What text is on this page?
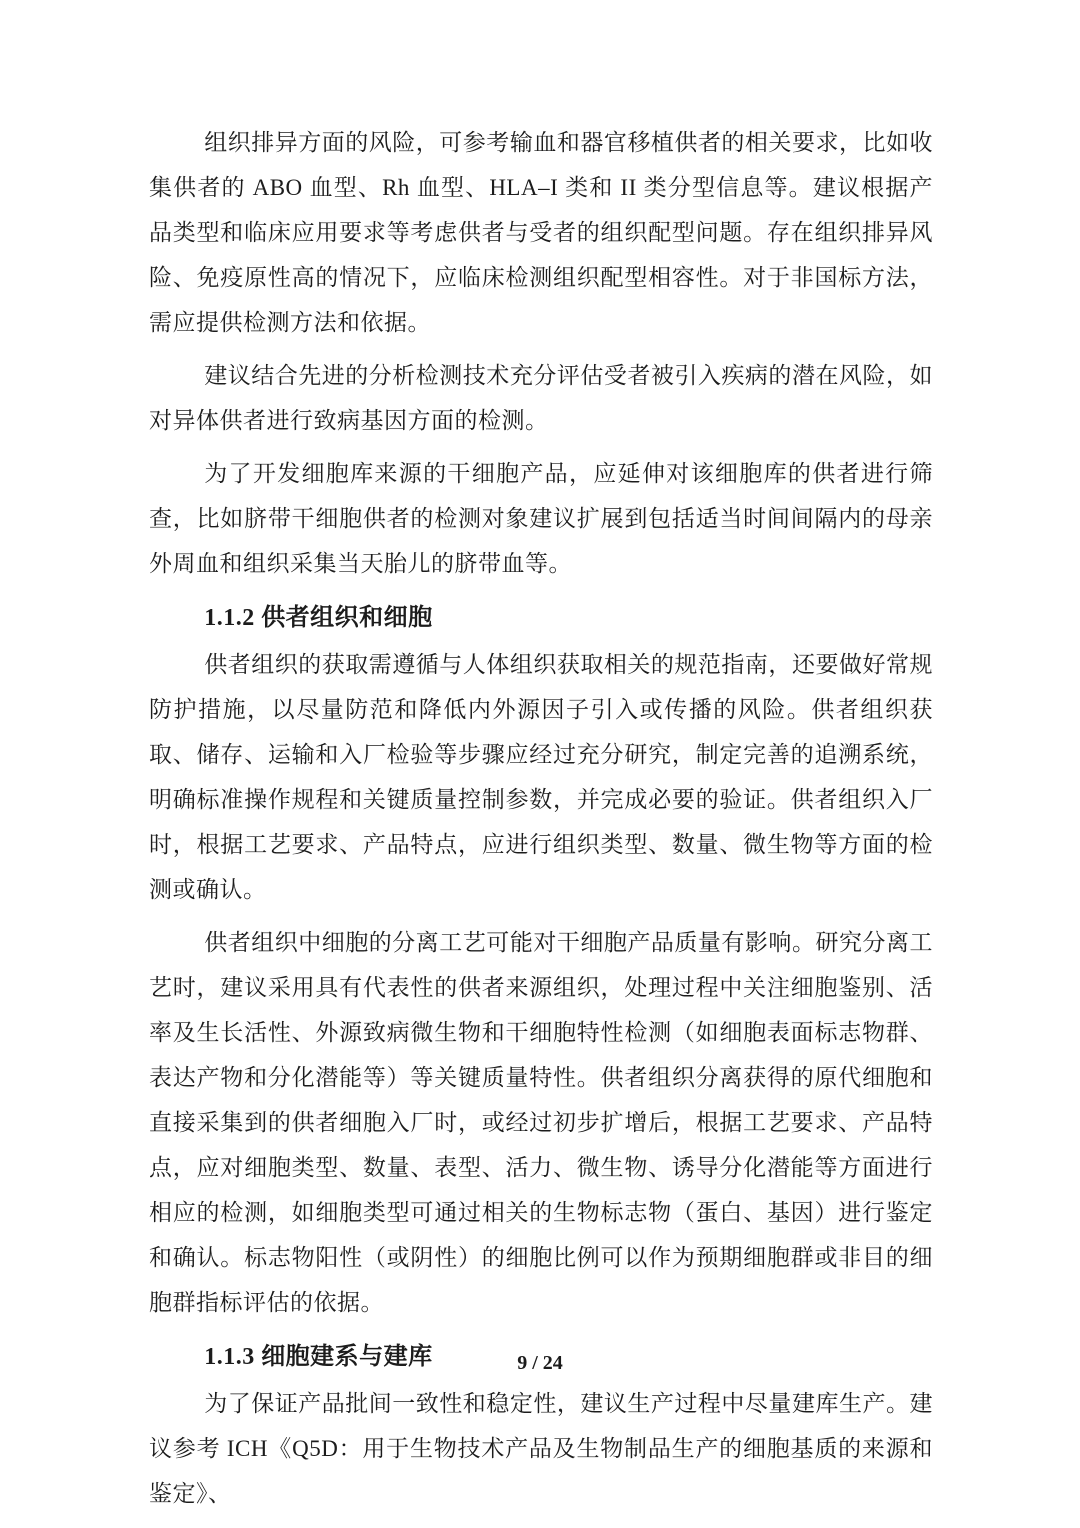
组织排异方面的风险，可参考输血和器官移植供者的相关要求，比如收集供者的 ABO 血型、Rh 血型、HLA–I 类和 II 类分型信息等。建议根据产品类型和临床应用要求等考虑供者与受者的组织配型问题。存在组织排异风险、免疫原性高的情况下，应临床检测组织配型相容性。对于非国标方法，需应提供检测方法和依据。

建议结合先进的分析检测技术充分评估受者被引入疾病的潜在风险，如对异体供者进行致病基因方面的检测。

为了开发细胞库来源的干细胞产品，应延伸对该细胞库的供者进行筛查，比如脐带干细胞供者的检测对象建议扩展到包括适当时间间隔内的母亲外周血和组织采集当天胎儿的脐带血等。

1.1.2 供者组织和细胞

供者组织的获取需遵循与人体组织获取相关的规范指南，还要做好常规防护措施，以尽量防范和降低内外源因子引入或传播的风险。供者组织获取、储存、运输和入厂检验等步骤应经过充分研究，制定完善的追溯系统，明确标准操作规程和关键质量控制参数，并完成必要的验证。供者组织入厂时，根据工艺要求、产品特点，应进行组织类型、数量、微生物等方面的检测或确认。

供者组织中细胞的分离工艺可能对干细胞产品质量有影响。研究分离工艺时，建议采用具有代表性的供者来源组织，处理过程中关注细胞鉴别、活率及生长活性、外源致病微生物和干细胞特性检测（如细胞表面标志物群、表达产物和分化潜能等）等关键质量特性。供者组织分离获得的原代细胞和直接采集到的供者细胞入厂时，或经过初步扩增后，根据工艺要求、产品特点，应对细胞类型、数量、表型、活力、微生物、诱导分化潜能等方面进行相应的检测，如细胞类型可通过相关的生物标志物（蛋白、基因）进行鉴定和确认。标志物阳性（或阴性）的细胞比例可以作为预期细胞群或非目的细胞群指标评估的依据。

1.1.3 细胞建系与建库

为了保证产品批间一致性和稳定性，建议生产过程中尽量建库生产。建议参考 ICH《Q5D：用于生物技术产品及生物制品生产的细胞基质的来源和鉴定》、

9 / 24
